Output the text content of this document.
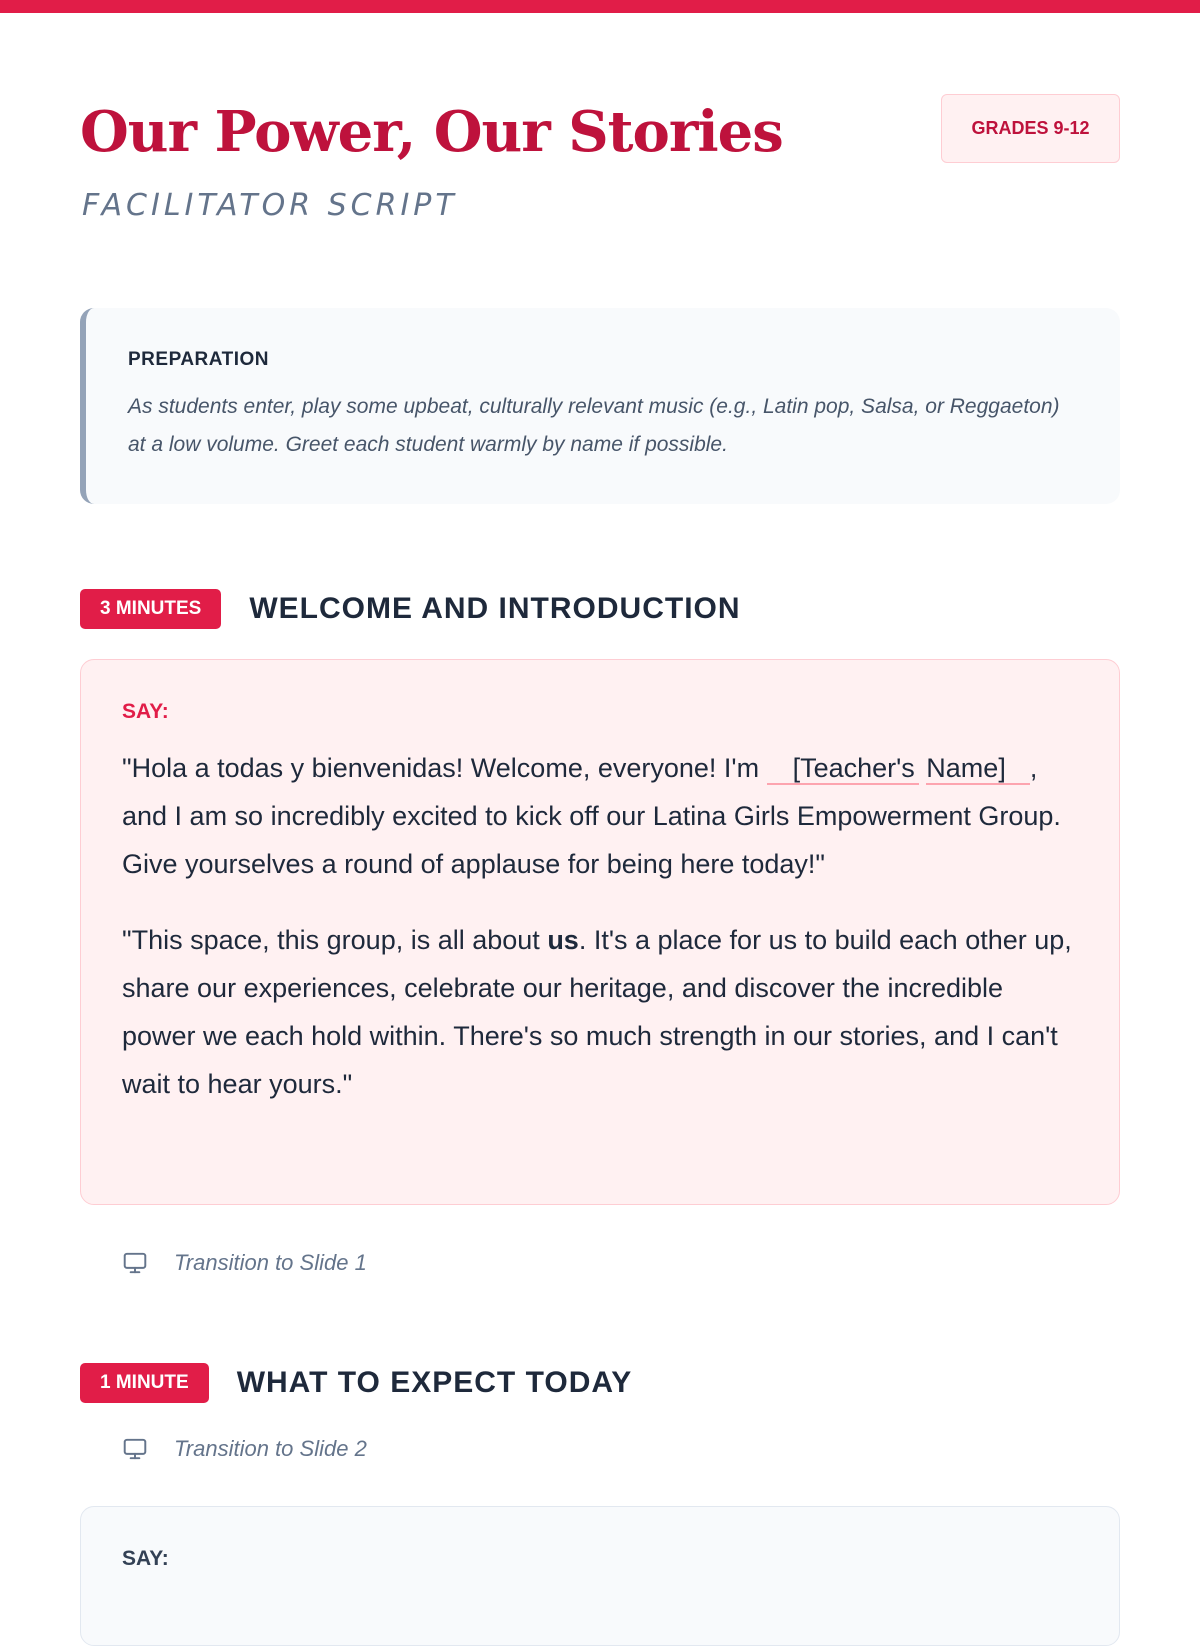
Our Power, Our Stories
FACILITATOR SCRIPT
GRADES 9-12
PREPARATION

As students enter, play some upbeat, culturally relevant music (e.g., Latin pop, Salsa, or Reggaeton) at a low volume. Greet each student warmly by name if possible.

3 MINUTES	WELCOME AND INTRODUCTION
SAY:

"Hola a todas y bienvenidas! Welcome, everyone! I'm [Teacher's Name] , and I am so incredibly excited to kick off our Latina Girls Empowerment Group. Give yourselves a round of applause for being here today!"

"This space, this group, is all about us. It's a place for us to build each other up, share our experiences, celebrate our heritage, and discover the incredible power we each hold within. There's so much strength in our stories, and I can't wait to hear yours."

Transition to Slide 1
1 MINUTE	WHAT TO EXPECT TODAY
Transition to Slide 2
SAY:
